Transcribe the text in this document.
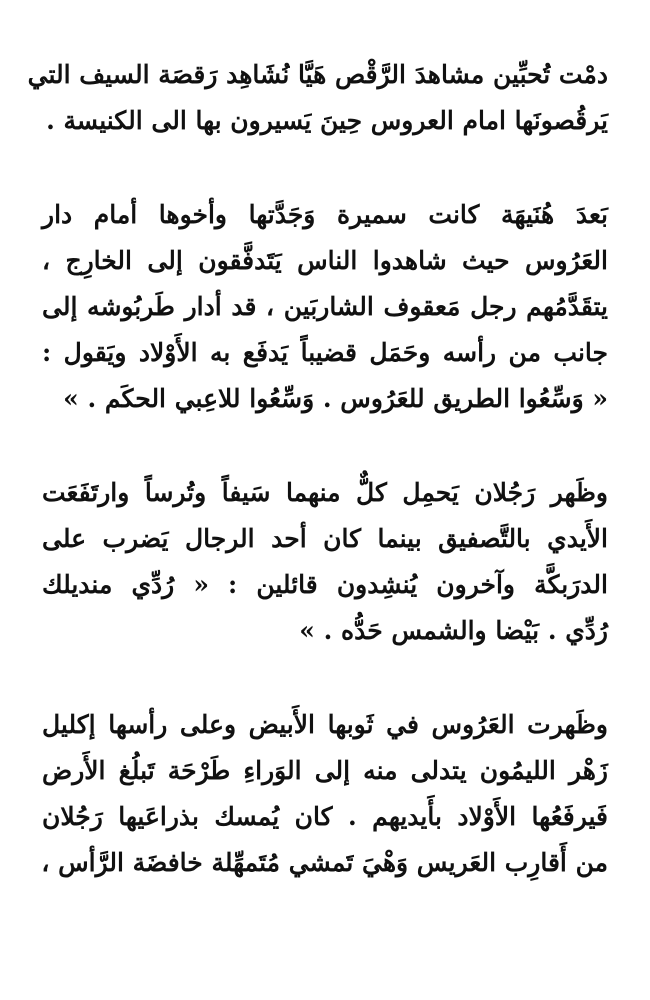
دمْت تُحبِّين مشاهدَ الرَّقْص هَيَّا نُشَاهِد رَقصَة السيف التي
يَرقُصونَها امام العروس حِينَ يَسيرون بها الى الكنيسة .
بَعدَ هُنَيهَة كانت سميرة وَجَدَّتها وأخوها أمام دار
العَرُوس حيث شاهدوا الناس يَتَدفَّقون إلى الخارِج ،
يتقَدَّمُهم رجل مَعقوف الشاربَين ، قد أدار طَربُوشه إلى
جانب من رأسه وحَمَل قضيباً يَدفَع به الأَوْلاد ويَقول :
« وَسِّعُوا الطريق للعَرُوس . وَسِّعُوا للاعِبي الحكَم . »
وظَهر رَجُلان يَحمِل كلٌّ منهما سَيفاً وتُرساً وارتَفَعَت
الأَيدي بالتَّصفيق بينما كان أحد الرجال يَضرب على
الدرَبكَّة وآخرون يُنشِدون قائلين : « رُدِّي منديلك
رُدِّي . بَيْضا والشمس حَدُّه . »
وظَهرت العَرُوس في ثَوبها الأَبيض وعلى رأسها إكليل
زَهْر الليمُون يتدلى منه إلى الوَراءِ طَرْحَة تَبلُغ الأَرض
فَيرفَعُها الأَوْلاد بأَيديهم . كان يُمسك بذراعَيها رَجُلان
من أَقارِب العَريس وَهْيَ تَمشي مُتَمهِّلة خافضَة الرَّأس ،
